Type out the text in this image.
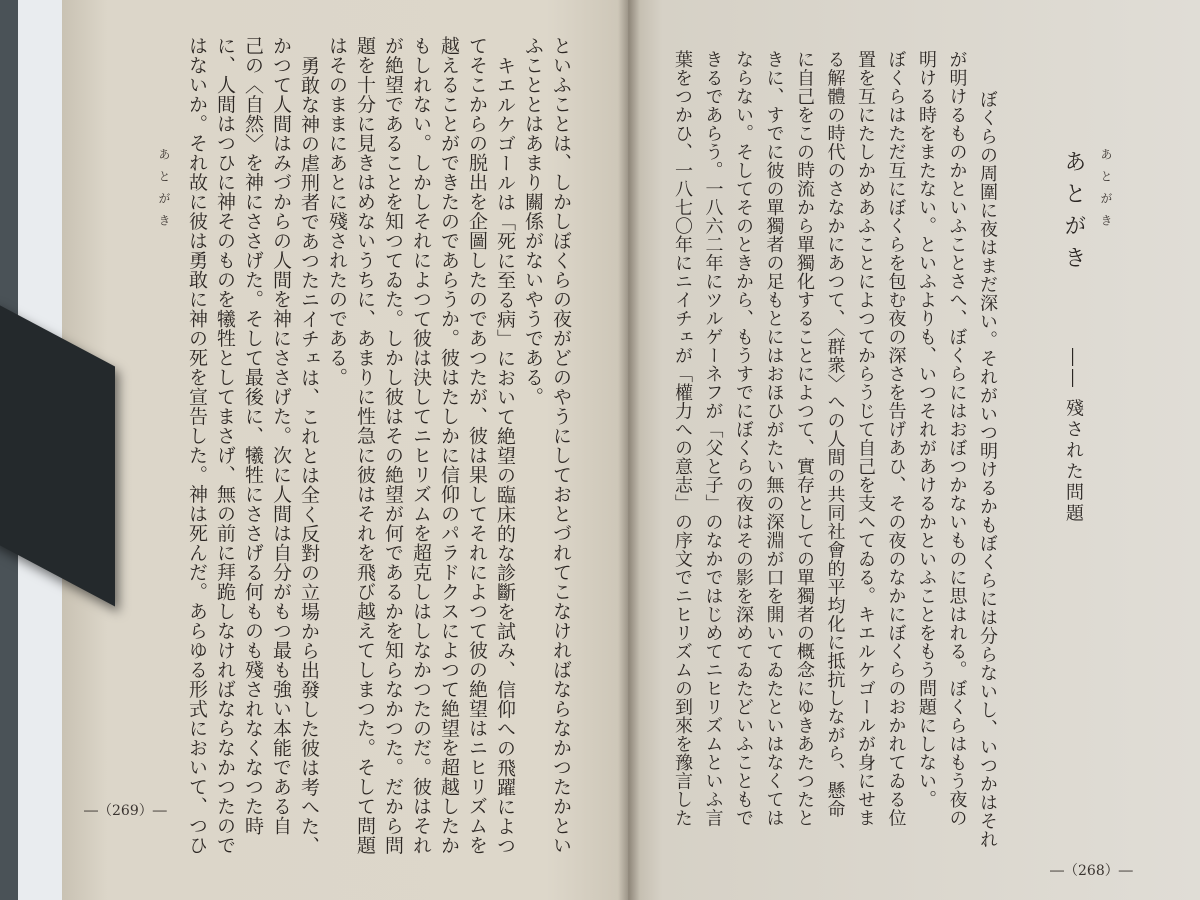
あとがき
あとがき
―― 殘された問題
ぼくらの周圍に夜はまだ深い。それがいつ明けるかもぼくらには分らないし、いつかはそれ
が明けるものかといふことさへ、ぼくらにはおぼつかないものに思はれる。ぼくらはもう夜の
明ける時をまたない。といふよりも、いつそれがあけるかといふことをもう問題にしない。
ぼくらはただ互にぼくらを包む夜の深さを告げあひ、その夜のなかにぼくらのおかれてゐる位
置を互にたしかめあふことによつてからうじて自己を支へてゐる。キエルケゴールが身にせま
る解體の時代のさなかにあつて、〈群衆〉への人間の共同社會的平均化に抵抗しながら、懸命
に自己をこの時流から單獨化することによつて、實存としての單獨者の概念にゆきあたつたと
きに、すでに彼の單獨者の足もとにはおほひがたい無の深淵が口を開いてゐたといはなくては
ならない。そしてそのときから、もうすでにぼくらの夜はその影を深めてゐたどいふこともで
きるであらう。一八六二年にツルゲーネフが「父と子」のなかではじめてニヒリズムといふ言
葉をつかひ、一八七〇年にニイチェが「權力への意志」の序文でニヒリズムの到來を豫言した
―（268）―
といふことは、しかしぼくらの夜がどのやうにしておとづれてこなければならなかつたかとい
ふこととはあまり關係がないやうである。
キエルケゴールは「死に至る病」において絶望の臨床的な診斷を試み、信仰への飛躍によつ
てそこからの脱出を企圖したのであつたが、彼は果してそれによつて彼の絶望はニヒリズムを
越えることができたのであらうか。彼はたしかに信仰のパラドクスによつて絶望を超越したか
もしれない。しかしそれによつて彼は決してニヒリズムを超克しはしなかつたのだ。彼はそれ
が絶望であることを知つてゐた。しかし彼はその絶望が何であるかを知らなかつた。だから問
題を十分に見きはめないうちに、あまりに性急に彼はそれを飛び越えてしまつた。そして問題
はそのままにあとに殘されたのである。
勇敢な神の虐刑者であつたニイチェは、これとは全く反對の立場から出發した彼は考へた、
かつて人間はみづからの人間を神にささげた。次に人間は自分がもつ最も強い本能である自
己の〈自然〉を神にささげた。そして最後に、犧牲にささげる何ものも殘されなくなつた時
に、人間はつひに神そのものを犧牲としてまさげ、無の前に拜跪しなければならなかつたので
はないか。それ故に彼は勇敢に神の死を宣告した。神は死んだ。あらゆる形式において、つひ
あとがき
―（269）―
